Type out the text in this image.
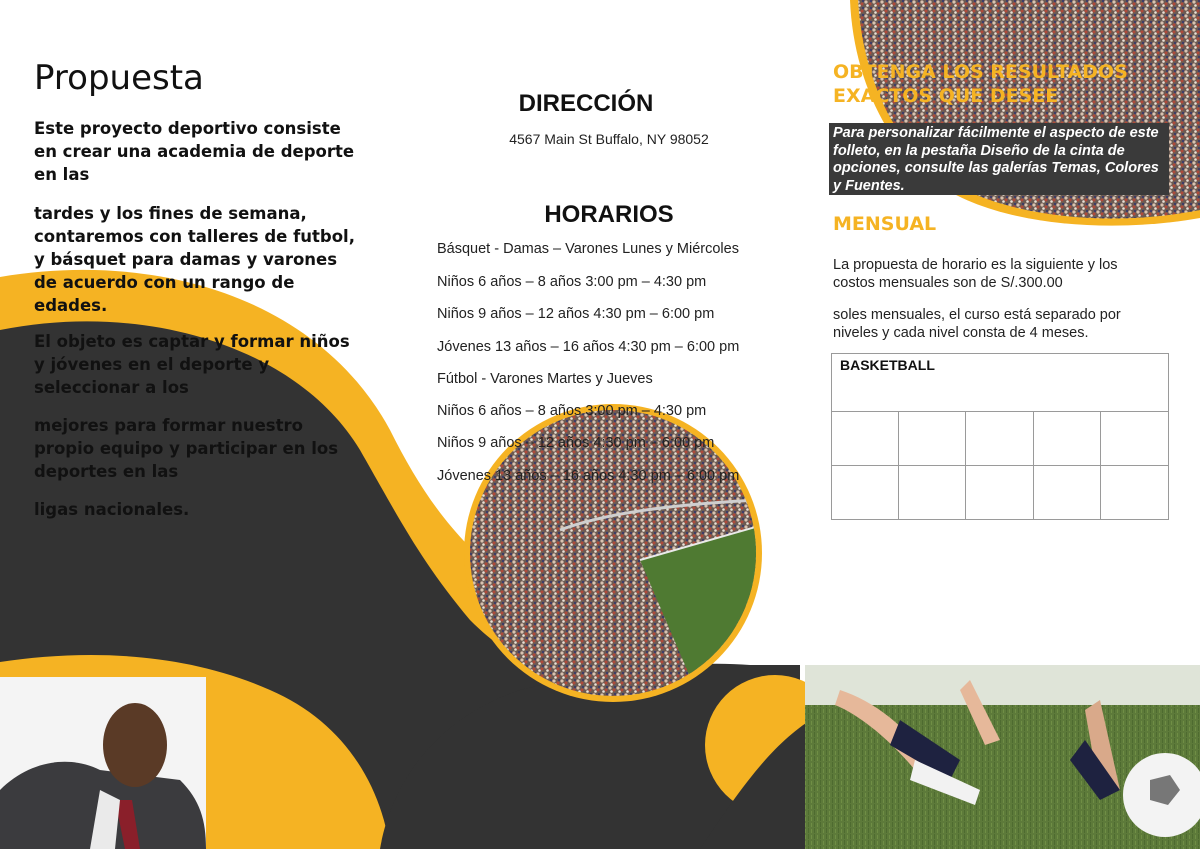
Propuesta
Este proyecto deportivo consiste en crear una academia de deporte en las
tardes y los fines de semana, contaremos con talleres de futbol, y básquet para damas y varones de acuerdo con un rango de edades.
El objeto es captar y formar niños y jóvenes en el deporte y seleccionar a los
mejores para formar nuestro propio equipo y participar en los deportes en las
ligas nacionales.
DIRECCIÓN
4567 Main St Buffalo, NY 98052
HORARIOS
Básquet - Damas – Varones Lunes y Miércoles
Niños 6 años – 8 años 3:00 pm – 4:30 pm
Niños 9 años – 12 años 4:30 pm – 6:00 pm
Jóvenes 13 años – 16 años 4:30 pm – 6:00 pm
Fútbol - Varones Martes y Jueves
Niños 6 años – 8 años 3:00 pm – 4:30 pm
Niños 9 años – 12 años 4:30 pm – 6:00 pm
Jóvenes 13 años – 16 años 4:30 pm – 6:00 pm
OBTENGA LOS RESULTADOS
EXACTOS QUE DESEE
Para personalizar fácilmente el aspecto de este folleto, en la pestaña Diseño de la cinta de opciones, consulte las galerías Temas, Colores y Fuentes.
MENSUAL
La propuesta de horario es la siguiente y los costos mensuales son de S/.300.00
soles mensuales, el curso está separado por niveles y cada nivel consta de 4 meses.
BASKETBALL
